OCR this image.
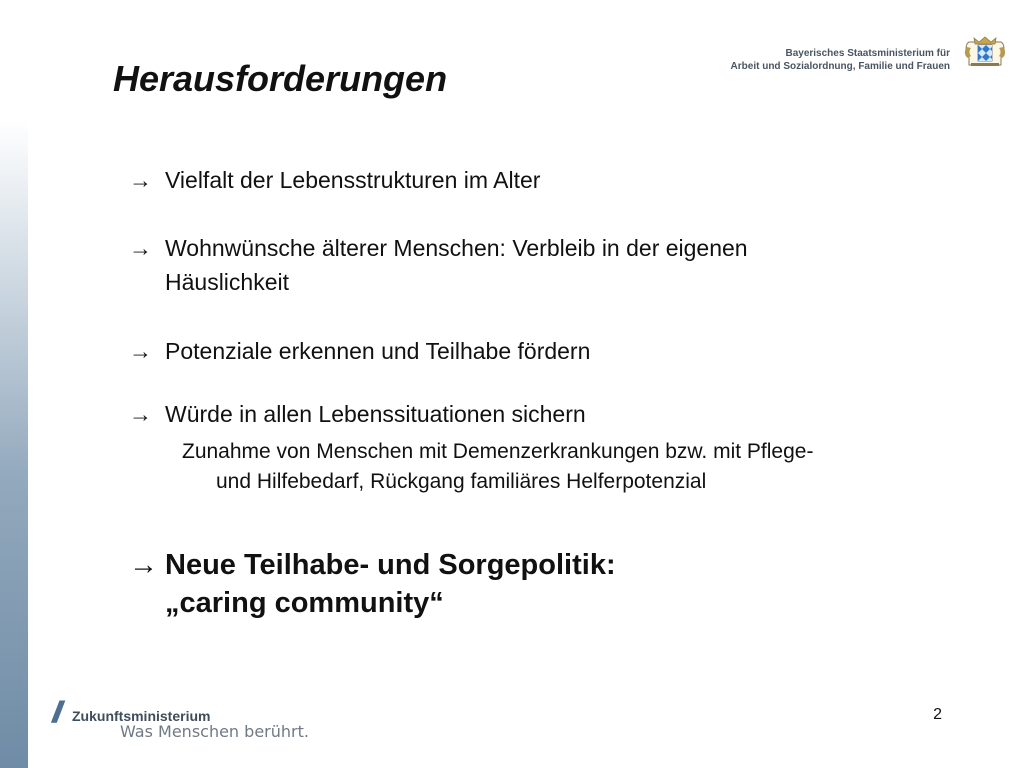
Herausforderungen
Bayerisches Staatsministerium für
Arbeit und Sozialordnung, Familie und Frauen
→ Vielfalt der Lebensstrukturen im Alter
→ Wohnwünsche älterer Menschen: Verbleib in der eigenen
Häuslichkeit
→ Potenziale erkennen und Teilhabe fördern
→ Würde in allen Lebenssituationen sichern
Zunahme von Menschen mit Demenzerkrankungen bzw. mit Pflege-
und Hilfebedarf, Rückgang familiäres Helferpotenzial
→ Neue Teilhabe- und Sorgepolitik:
„caring community“
// Zukunftsministerium
Was Menschen berührt.
2
